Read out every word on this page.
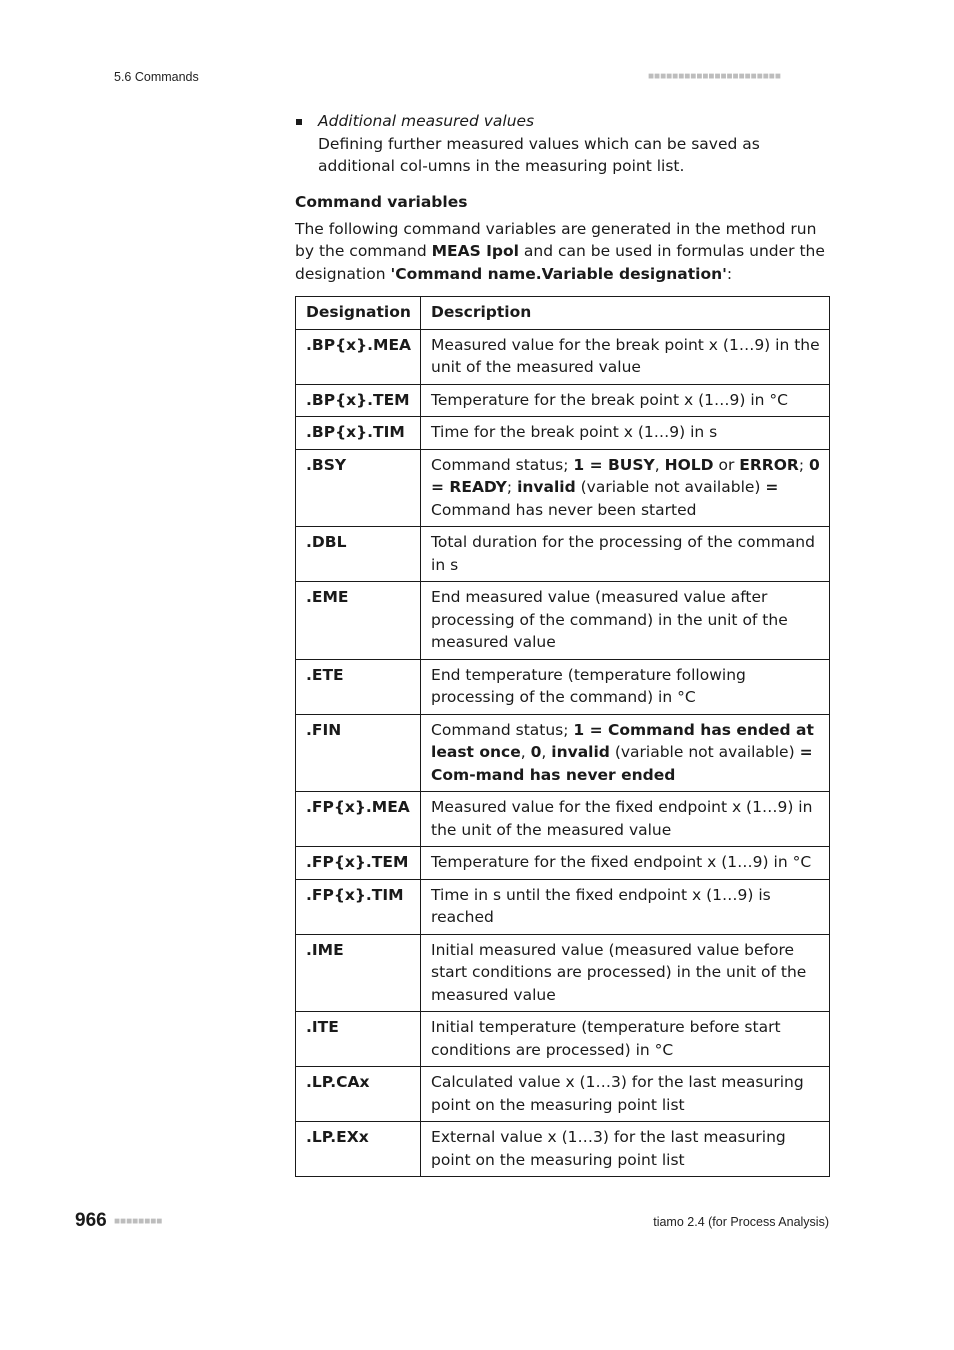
5.6 Commands	■■■■■■■■■■■■■■■■■■■■■■
Additional measured values

Defining further measured values which can be saved as additional col-umns in the measuring point list.

Command variables

The following command variables are generated in the method run by the command MEAS Ipol and can be used in formulas under the designation 'Command name.Variable designation':

Designation	Description
.BP{x}.MEA	Measured value for the break point x (1…9) in the unit of the measured value
.BP{x}.TEM	Temperature for the break point x (1…9) in °C
.BP{x}.TIM	Time for the break point x (1…9) in s
.BSY	Command status; 1 = BUSY, HOLD or ERROR; 0 = READY; invalid (variable not available) = Command has never been started
.DBL	Total duration for the processing of the command in s
.EME	End measured value (measured value after processing of the command) in the unit of the measured value
.ETE	End temperature (temperature following processing of the command) in °C
.FIN	Command status; 1 = Command has ended at least once, 0, invalid (variable not available) = Com-mand has never ended
.FP{x}.MEA	Measured value for the fixed endpoint x (1…9) in the unit of the measured value
.FP{x}.TEM	Temperature for the fixed endpoint x (1…9) in °C
.FP{x}.TIM	Time in s until the fixed endpoint x (1…9) is reached
.IME	Initial measured value (measured value before start conditions are processed) in the unit of the measured value
.ITE	Initial temperature (temperature before start conditions are processed) in °C
.LP.CAx	Calculated value x (1…3) for the last measuring point on the measuring point list
.LP.EXx	External value x (1…3) for the last measuring point on the measuring point list
966 ■■■■■■■■	tiamo 2.4 (for Process Analysis)
